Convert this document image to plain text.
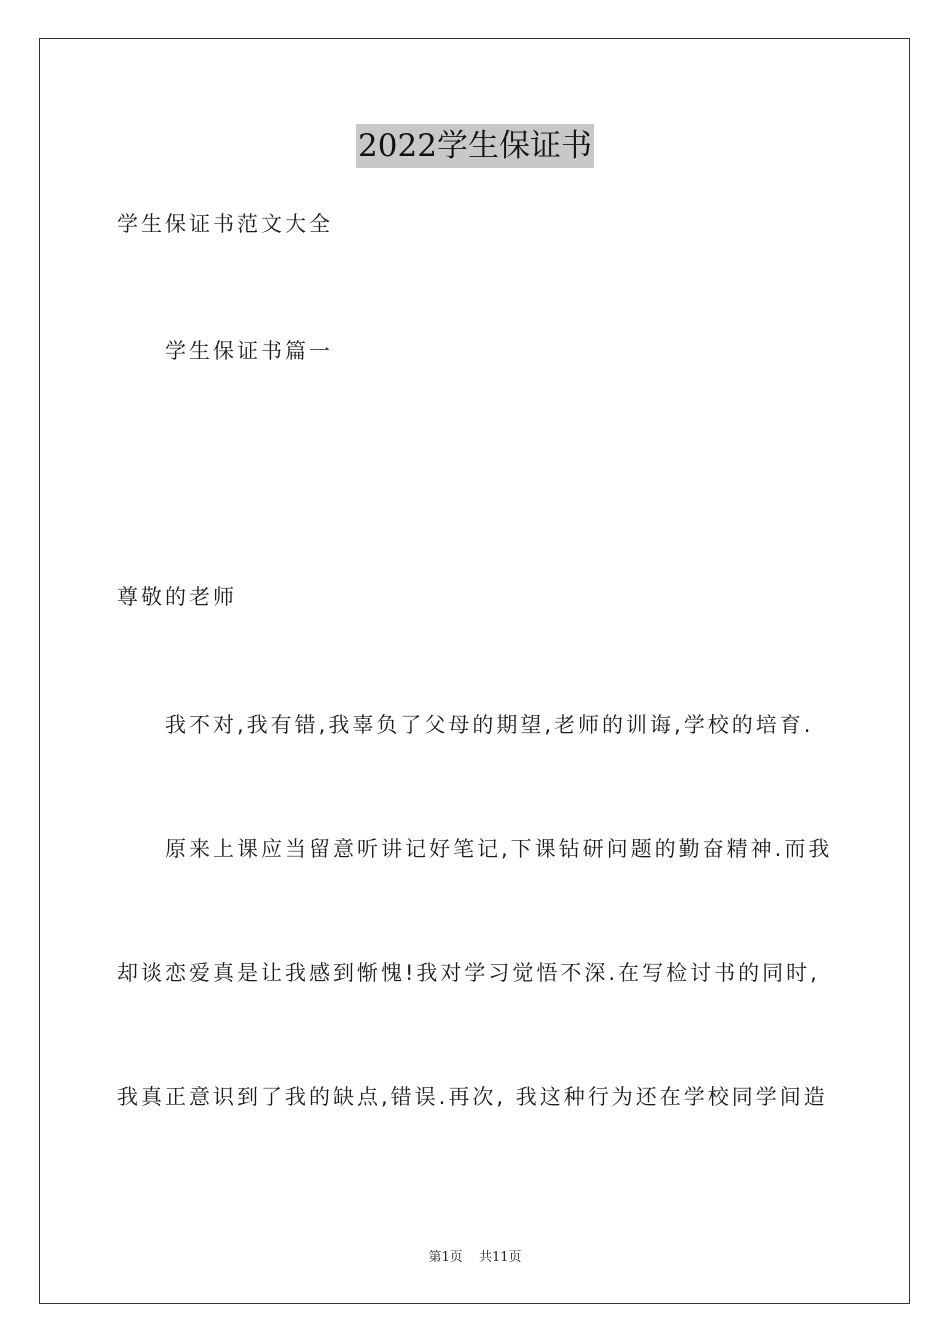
2022学生保证书
学生保证书范文大全
学生保证书篇一
尊敬的老师
我不对,我有错,我辜负了父母的期望,老师的训诲,学校的培育.
原来上课应当留意听讲记好笔记,下课钻研问题的勤奋精神.而我
却谈恋爱真是让我感到惭愧!我对学习觉悟不深.在写检讨书的同时,
我真正意识到了我的缺点,错误.再次, 我这种行为还在学校同学间造
第1页 共11页
